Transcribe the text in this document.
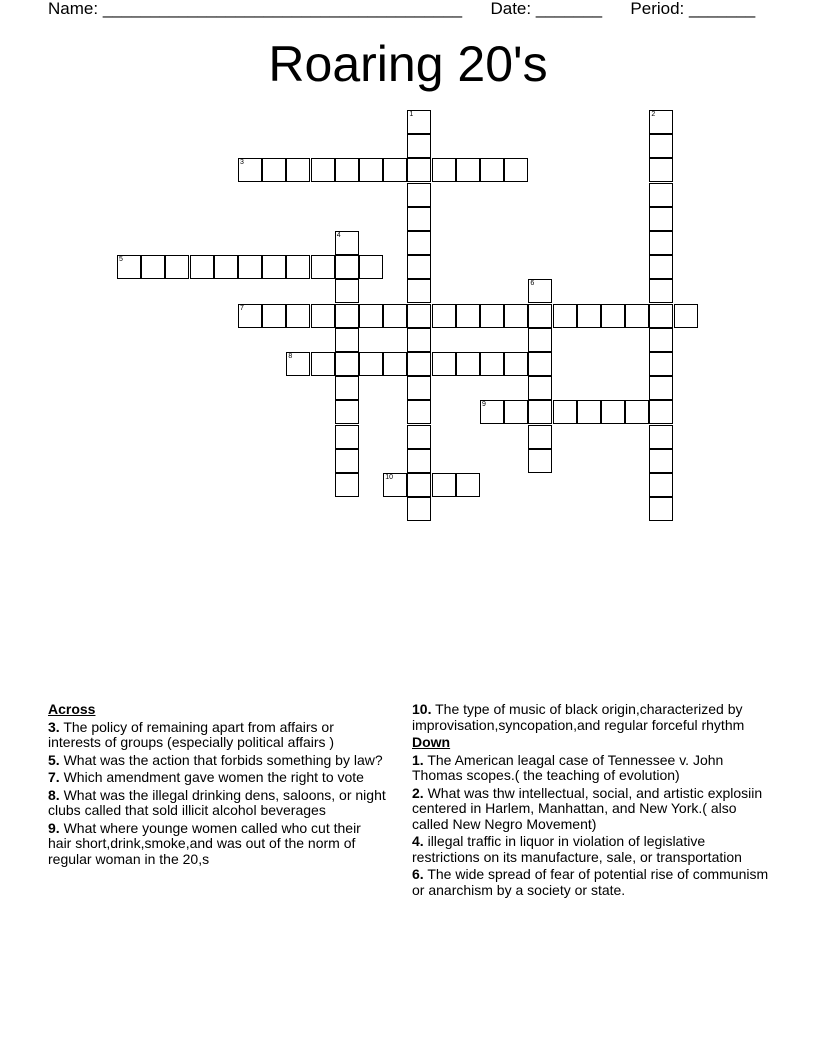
Name: ______________________________________ Date: _______ Period: _______
Roaring 20's
1	2
3
4
5
6
7
8
9
10
Across
3. The policy of remaining apart from affairs or interests of groups (especially political affairs )
5. What was the action that forbids something by law?
7. Which amendment gave women the right to vote
8. What was the illegal drinking dens, saloons, or night clubs called that sold illicit alcohol beverages
9. What where younge women called who cut their hair short,drink,smoke,and was out of the norm of regular woman in the 20,s
10. The type of music of black origin,characterized by improvisation,syncopation,and regular forceful rhythm
Down
1. The American leagal case of Tennessee v. John Thomas scopes.( the teaching of evolution)
2. What was thw intellectual, social, and artistic explosiin centered in Harlem, Manhattan, and New York.( also called New Negro Movement)
4. illegal traffic in liquor in violation of legislative restrictions on its manufacture, sale, or transportation
6. The wide spread of fear of potential rise of communism or anarchism by a society or state.
